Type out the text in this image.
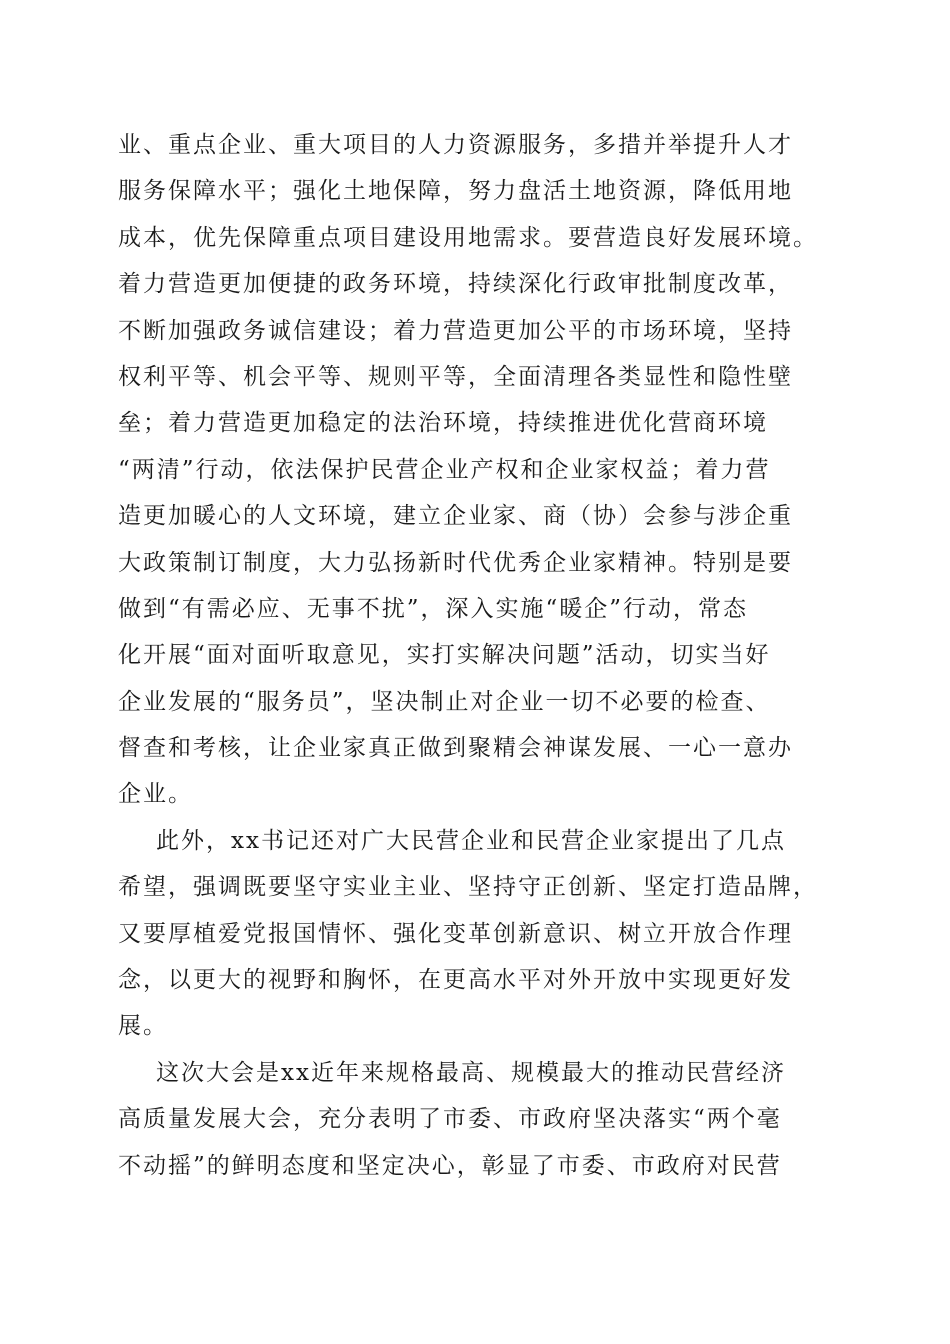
业、重点企业、重大项目的人力资源服务，多措并举提升人才
服务保障水平；强化土地保障，努力盘活土地资源，降低用地
成本，优先保障重点项目建设用地需求。要营造良好发展环境。
着力营造更加便捷的政务环境，持续深化行政审批制度改革，
不断加强政务诚信建设；着力营造更加公平的市场环境，坚持
权利平等、机会平等、规则平等，全面清理各类显性和隐性壁
垒；着力营造更加稳定的法治环境，持续推进优化营商环境
“两清”行动，依法保护民营企业产权和企业家权益；着力营
造更加暖心的人文环境，建立企业家、商（协）会参与涉企重
大政策制订制度，大力弘扬新时代优秀企业家精神。特别是要
做到“有需必应、无事不扰”，深入实施“暖企”行动，常态
化开展“面对面听取意见，实打实解决问题”活动，切实当好
企业发展的“服务员”，坚决制止对企业一切不必要的检查、
督查和考核，让企业家真正做到聚精会神谋发展、一心一意办
企业。
此外，xx书记还对广大民营企业和民营企业家提出了几点
希望，强调既要坚守实业主业、坚持守正创新、坚定打造品牌，
又要厚植爱党报国情怀、强化变革创新意识、树立开放合作理
念，以更大的视野和胸怀，在更高水平对外开放中实现更好发
展。
这次大会是xx近年来规格最高、规模最大的推动民营经济
高质量发展大会，充分表明了市委、市政府坚决落实“两个毫
不动摇”的鲜明态度和坚定决心，彰显了市委、市政府对民营
